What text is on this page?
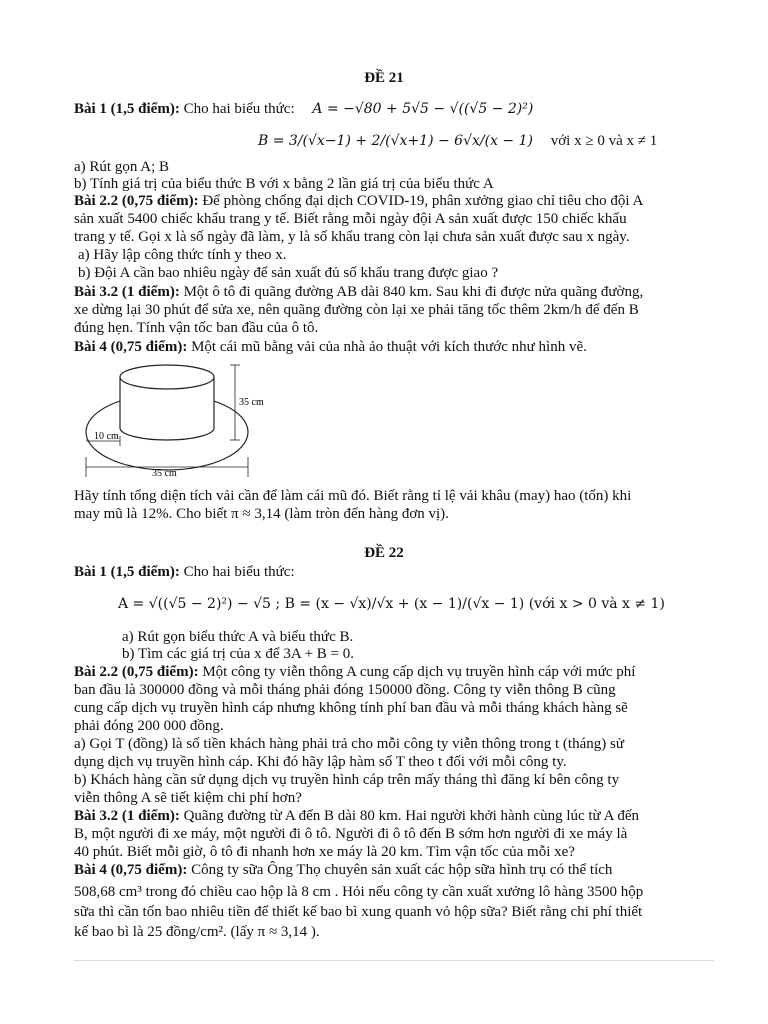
ĐỀ 21
Bài 1 (1,5 điểm): Cho hai biểu thức: A = −√80 + 5√5 − √((√5 − 2)²)
B = 3/(√x−1) + 2/(√x+1) − 6√x/(x − 1) với x ≥ 0 và x ≠ 1
a) Rút gọn A; B
b) Tính giá trị của biểu thức B với x bằng 2 lần giá trị của biểu thức A
Bài 2.2 (0,75 điểm): Để phòng chống đại dịch COVID-19, phân xưởng giao chỉ tiêu cho đội A
sản xuất 5400 chiếc khẩu trang y tế. Biết rằng mỗi ngày đội A sản xuất được 150 chiếc khẩu
trang y tế. Gọi x là số ngày đã làm, y là số khẩu trang còn lại chưa sản xuất được sau x ngày.
a) Hãy lập công thức tính y theo x.
b) Đội A cần bao nhiêu ngày để sản xuất đủ số khẩu trang được giao ?
Bài 3.2 (1 điểm): Một ô tô đi quãng đường AB dài 840 km. Sau khi đi được nửa quãng đường,
xe dừng lại 30 phút để sửa xe, nên quãng đường còn lại xe phải tăng tốc thêm 2km/h để đến B
đúng hẹn. Tính vận tốc ban đầu của ô tô.
Bài 4 (0,75 điểm): Một cái mũ bằng vải của nhà ảo thuật với kích thước như hình vẽ.
35 cm
10 cm
35 cm
Hãy tính tổng diện tích vải cần để làm cái mũ đó. Biết rằng tỉ lệ vải khâu (may) hao (tốn) khi
may mũ là 12%. Cho biết π ≈ 3,14 (làm tròn đến hàng đơn vị).
ĐỀ 22
Bài 1 (1,5 điểm): Cho hai biểu thức:
A = √((√5 − 2)²) − √5 ; B = (x − √x)/√x + (x − 1)/(√x − 1) (với x > 0 và x ≠ 1)
a) Rút gọn biểu thức A và biểu thức B.
b) Tìm các giá trị của x để 3A + B = 0.
Bài 2.2 (0,75 điểm): Một công ty viễn thông A cung cấp dịch vụ truyền hình cáp với mức phí
ban đầu là 300000 đồng và mỗi tháng phải đóng 150000 đồng. Công ty viễn thông B cũng
cung cấp dịch vụ truyền hình cáp nhưng không tính phí ban đầu và mỗi tháng khách hàng sẽ
phải đóng 200 000 đồng.
a) Gọi T (đồng) là số tiền khách hàng phải trả cho mỗi công ty viễn thông trong t (tháng) sử
dụng dịch vụ truyền hình cáp. Khi đó hãy lập hàm số T theo t đối với mỗi công ty.
b) Khách hàng cần sử dụng dịch vụ truyền hình cáp trên mấy tháng thì đăng kí bên công ty
viễn thông A sẽ tiết kiệm chi phí hơn?
Bài 3.2 (1 điểm): Quãng đường từ A đến B dài 80 km. Hai người khởi hành cùng lúc từ A đến
B, một người đi xe máy, một người đi ô tô. Người đi ô tô đến B sớm hơn người đi xe máy là
40 phút. Biết mỗi giờ, ô tô đi nhanh hơn xe máy là 20 km. Tìm vận tốc của mỗi xe?
Bài 4 (0,75 điểm): Công ty sữa Ông Thọ chuyên sản xuất các hộp sữa hình trụ có thể tích
508,68 cm³ trong đó chiều cao hộp là 8 cm . Hỏi nếu công ty cần xuất xưởng lô hàng 3500 hộp
sữa thì cần tốn bao nhiêu tiền để thiết kế bao bì xung quanh vỏ hộp sữa? Biết rằng chi phí thiết
kế bao bì là 25 đồng/cm². (lấy π ≈ 3,14 ).
